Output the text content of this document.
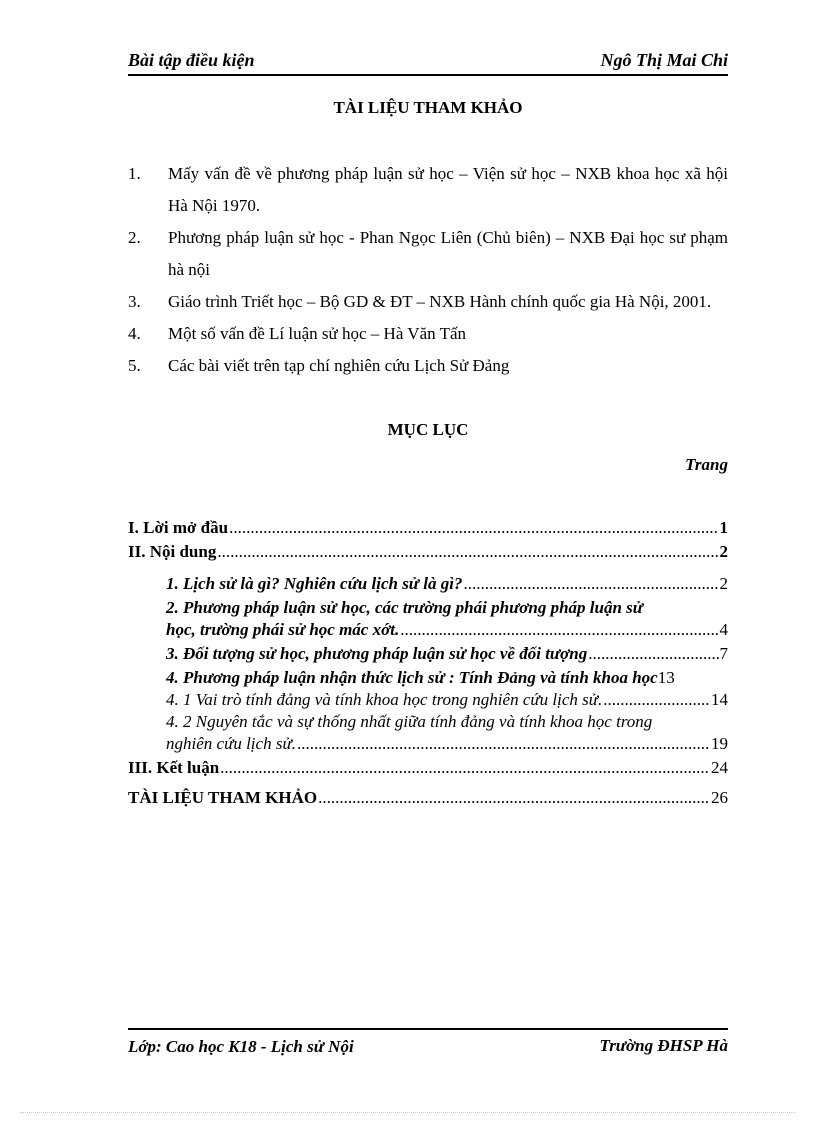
Bài tập điều kiện	Ngô Thị Mai Chi
TÀI LIỆU THAM KHẢO
1. Mấy vấn đề về phương pháp luận sử học – Viện sử học – NXB khoa học xã hội Hà Nội 1970.
2. Phương pháp luận sử học - Phan Ngọc Liên (Chủ biên) – NXB Đại học sư phạm hà nội
3. Giáo trình Triết học – Bộ GD & ĐT – NXB Hành chính quốc gia Hà Nội, 2001.
4. Một số vấn đề Lí luận sử học – Hà Văn Tấn
5. Các bài viết trên tạp chí nghiên cứu Lịch Sử Đảng
MỤC LỤC
Trang
I. Lời mở đầu .....	1
II. Nội dung .....	2
1. Lịch sử là gì? Nghiên cứu lịch sử là gì? .....	2
2. Phương pháp luận sử học, các trường phái phương pháp luận sử
học, trường phái sử học mác xớt. .....	4
3. Đối tượng sử học, phương pháp luận sử học về đối tượng .....	7
4. Phương pháp luận nhận thức lịch sử : Tính Đảng và tính khoa học 13
4. 1 Vai trò tính đảng và tính khoa học trong nghiên cứu lịch sử. .....	14
4. 2 Nguyên tắc và sự thống nhất giữa tính đảng và tính khoa học trong
nghiên cứu lịch sử. .....	19
III. Kết luận .....	24
TÀI LIỆU THAM KHẢO .....	26
Lớp: Cao học K18 - Lịch sử Nội	Trường ĐHSP Hà
